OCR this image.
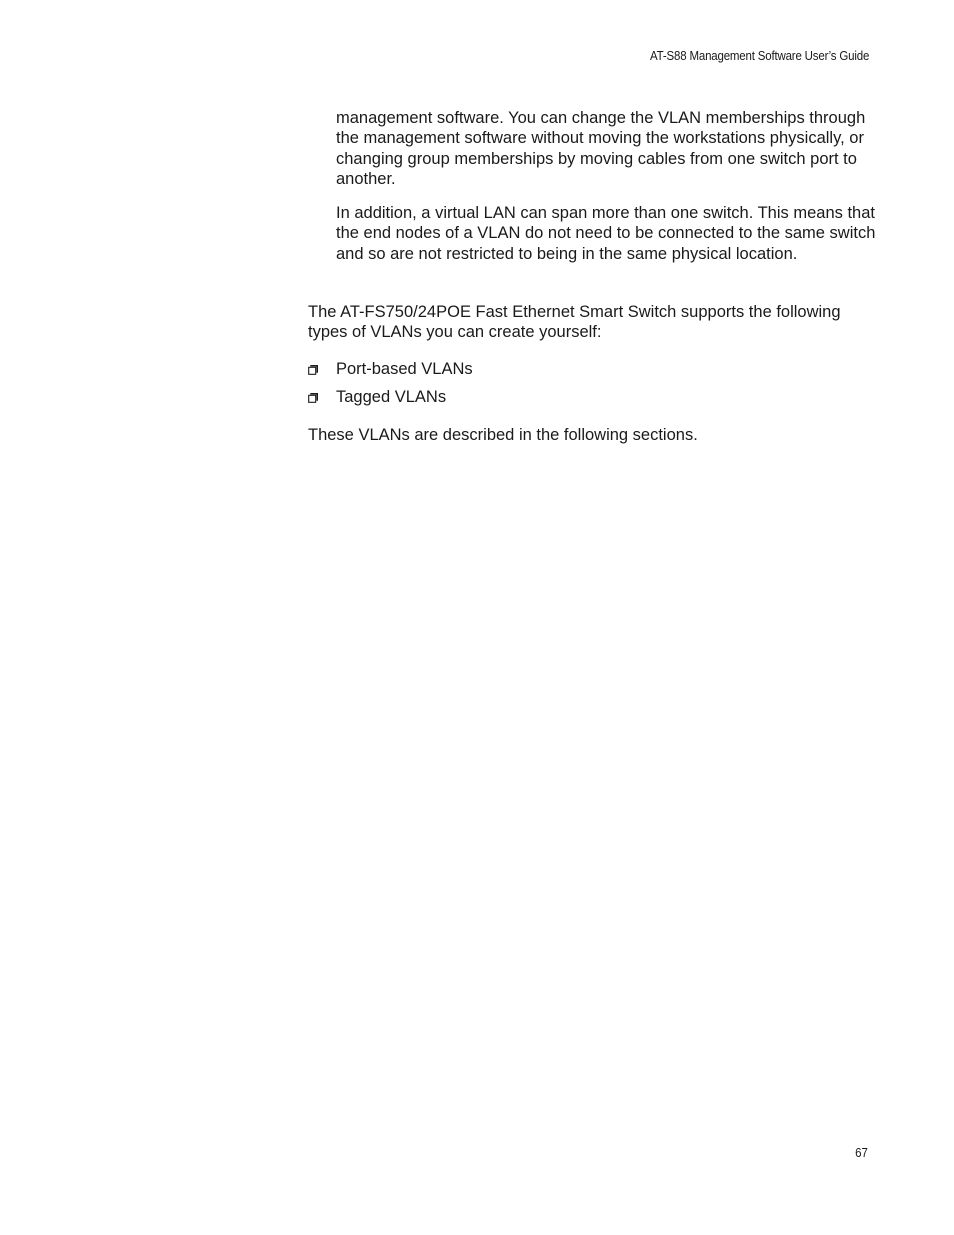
AT-S88 Management Software User’s Guide

management software. You can change the VLAN memberships through the management software without moving the workstations physically, or changing group memberships by moving cables from one switch port to another.

In addition, a virtual LAN can span more than one switch. This means that the end nodes of a VLAN do not need to be connected to the same switch and so are not restricted to being in the same physical location.

The AT-FS750/24POE Fast Ethernet Smart Switch supports the following types of VLANs you can create yourself:

Port-based VLANs
Tagged VLANs

These VLANs are described in the following sections.

67
